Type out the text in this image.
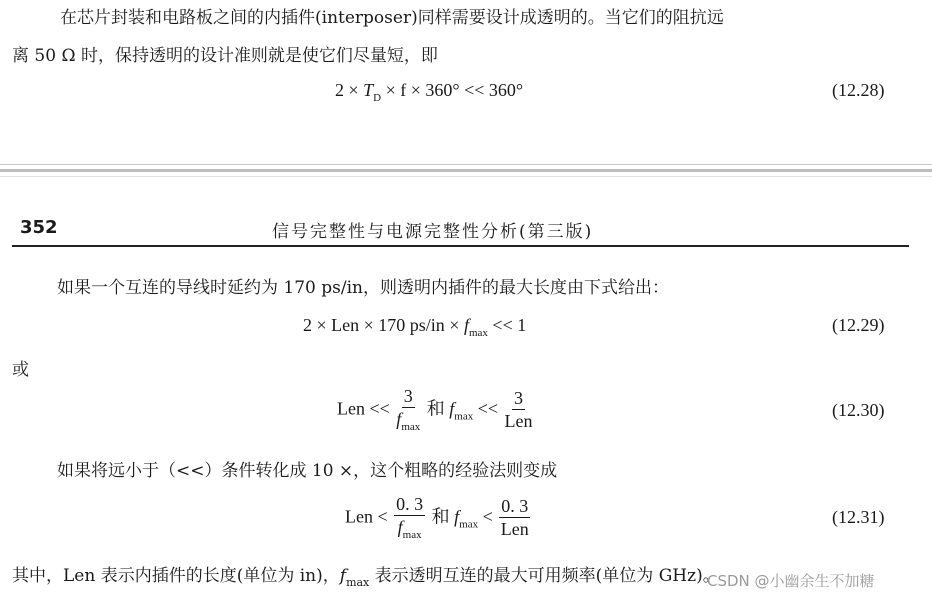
在芯片封装和电路板之间的内插件(interposer)同样需要设计成透明的。当它们的阻抗远
离 50 Ω 时，保持透明的设计准则就是使它们尽量短，即
$2 \times T_D \times f \times 360^\circ << 360^\circ$	(12.28)
352	信号完整性与电源完整性分析(第三版)
如果一个互连的导线时延约为 170 ps/in，则透明内插件的最大长度由下式给出：
2 × Len × 170 $ps/in \times f_{max} << 1$	(12.29)
或
Len << $\frac{3}{f_{max}}$ 和 $f_{max} << \frac{3}{\text{Len}}$	(12.30)
如果将远小于（<<）条件转化成 10 ×，这个粗略的经验法则变成
Len < $\frac{0. 3}{f_{max}}$ 和 $f_{max} < \frac{0. 3}{\text{Len}}$	(12.31)
其中，Len 表示内插件的长度(单位为 in)，$f_{max}$ 表示透明互连的最大可用频率(单位为 GHz)。
CSDN @小幽余生不加糖
